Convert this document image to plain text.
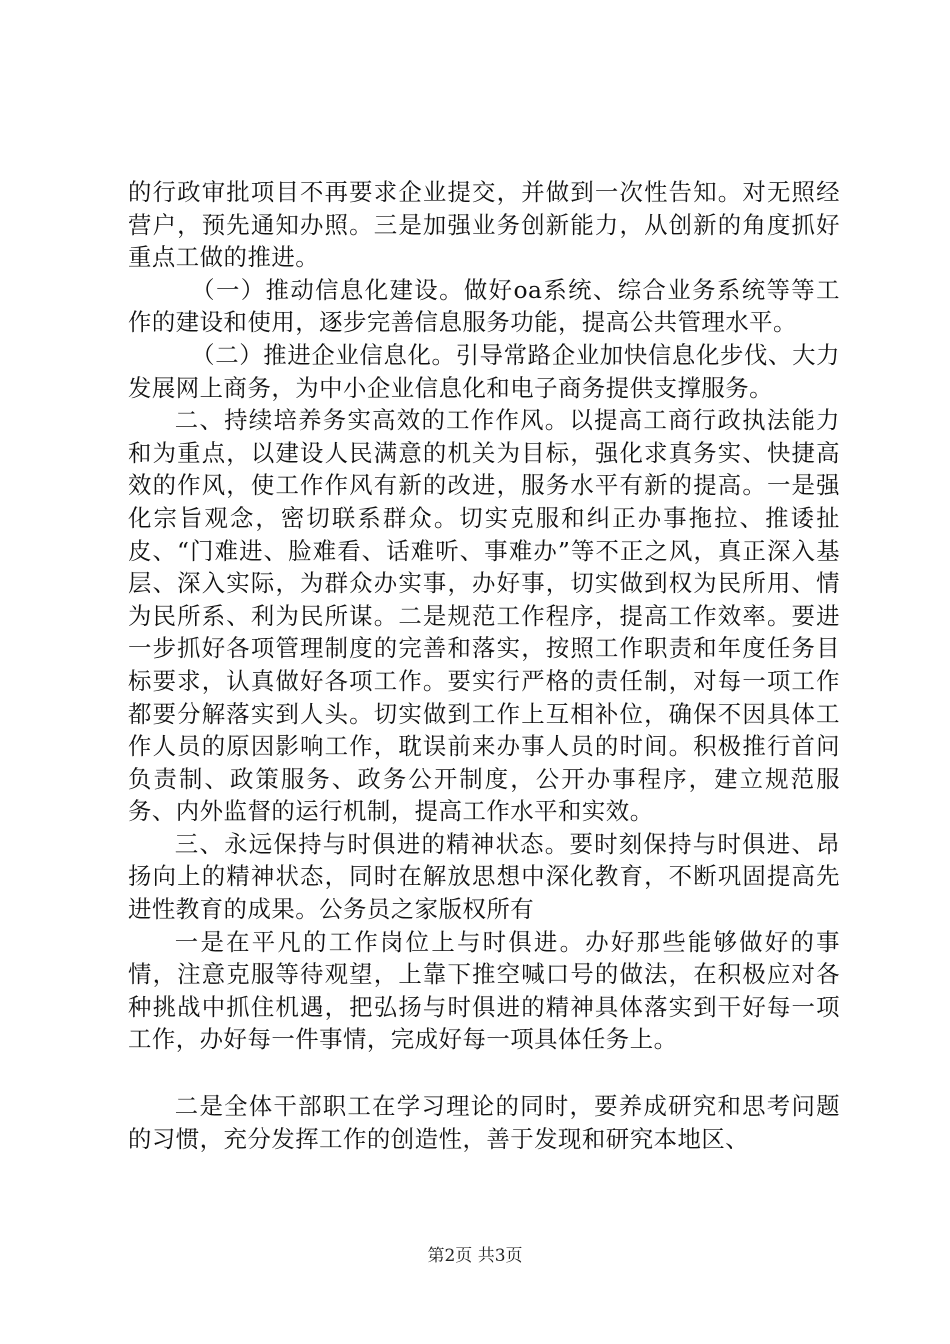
的行政审批项目不再要求企业提交，并做到一次性告知。对无照经营户，预先通知办照。三是加强业务创新能力，从创新的角度抓好重点工做的推进。

（一）推动信息化建设。做好oa系统、综合业务系统等等工作的建设和使用，逐步完善信息服务功能，提高公共管理水平。

（二）推进企业信息化。引导常路企业加快信息化步伐、大力发展网上商务，为中小企业信息化和电子商务提供支撑服务。

二、持续培养务实高效的工作作风。以提高工商行政执法能力和为重点，以建设人民满意的机关为目标，强化求真务实、快捷高效的作风，使工作作风有新的改进，服务水平有新的提高。一是强化宗旨观念，密切联系群众。切实克服和纠正办事拖拉、推诿扯皮、“门难进、脸难看、话难听、事难办”等不正之风，真正深入基层、深入实际，为群众办实事，办好事，切实做到权为民所用、情为民所系、利为民所谋。二是规范工作程序，提高工作效率。要进一步抓好各项管理制度的完善和落实，按照工作职责和年度任务目标要求，认真做好各项工作。要实行严格的责任制，对每一项工作都要分解落实到人头。切实做到工作上互相补位，确保不因具体工作人员的原因影响工作，耽误前来办事人员的时间。积极推行首问负责制、政策服务、政务公开制度，公开办事程序，建立规范服务、内外监督的运行机制，提高工作水平和实效。

三、永远保持与时俱进的精神状态。要时刻保持与时俱进、昂扬向上的精神状态，同时在解放思想中深化教育，不断巩固提高先进性教育的成果。公务员之家版权所有

一是在平凡的工作岗位上与时俱进。办好那些能够做好的事情，注意克服等待观望，上靠下推空喊口号的做法，在积极应对各种挑战中抓住机遇，把弘扬与时俱进的精神具体落实到干好每一项工作，办好每一件事情，完成好每一项具体任务上。

二是全体干部职工在学习理论的同时，要养成研究和思考问题的习惯，充分发挥工作的创造性，善于发现和研究本地区、

第2页 共3页
